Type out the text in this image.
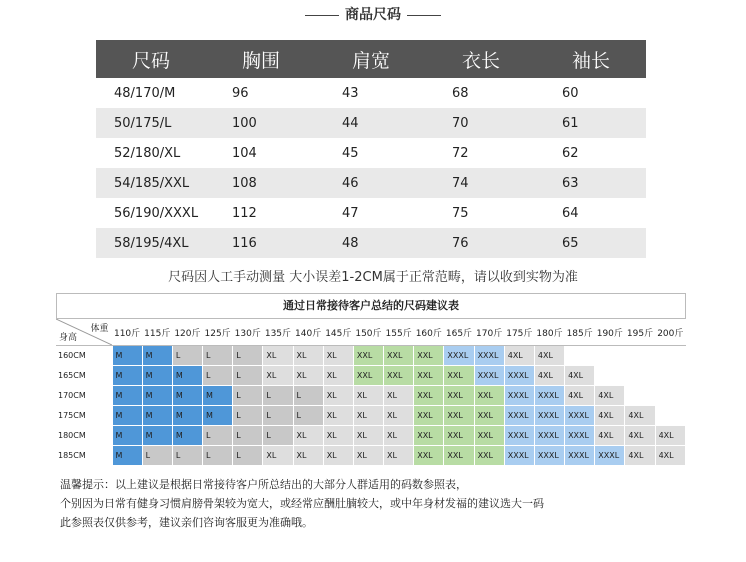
商品尺码
尺码	胸围	肩宽	衣长	袖长
48/170/M	96	43	68	60
50/175/L	100	44	70	61
52/180/XL	104	45	72	62
54/185/XXL	108	46	74	63
56/190/XXXL	112	47	75	64
58/195/4XL	116	48	76	65
尺码因人工手动测量 大小误差1-2CM属于正常范畴，请以收到实物为准
通过日常接待客户总结的尺码建议表
体重
身高	110斤	115斤	120斤	125斤	130斤	135斤	140斤	145斤	150斤	155斤	160斤	165斤	170斤	175斤	180斤	185斤	190斤	195斤	200斤
160CM	M	M	L	L	L	XL	XL	XL	XXL	XXL	XXL	XXXL	XXXL	4XL	4XL				
165CM	M	M	M	L	L	XL	XL	XL	XXL	XXL	XXL	XXL	XXXL	XXXL	4XL	4XL			
170CM	M	M	M	M	L	L	L	XL	XL	XL	XXL	XXL	XXL	XXXL	XXXL	4XL	4XL		
175CM	M	M	M	M	L	L	L	XL	XL	XL	XXL	XXL	XXL	XXXL	XXXL	XXXL	4XL	4XL	
180CM	M	M	M	L	L	L	XL	XL	XL	XL	XXL	XXL	XXL	XXXL	XXXL	XXXL	4XL	4XL	4XL
185CM	M	L	L	L	L	XL	XL	XL	XL	XL	XXL	XXL	XXL	XXXL	XXXL	XXXL	XXXL	4XL	4XL
温馨提示：以上建议是根据日常接待客户所总结出的大部分人群适用的码数参照表，
个别因为日常有健身习惯肩膀骨架较为宽大，或经常应酬肚腩较大，或中年身材发福的建议选大一码
此参照表仅供参考，建议亲们咨询客服更为准确哦。
